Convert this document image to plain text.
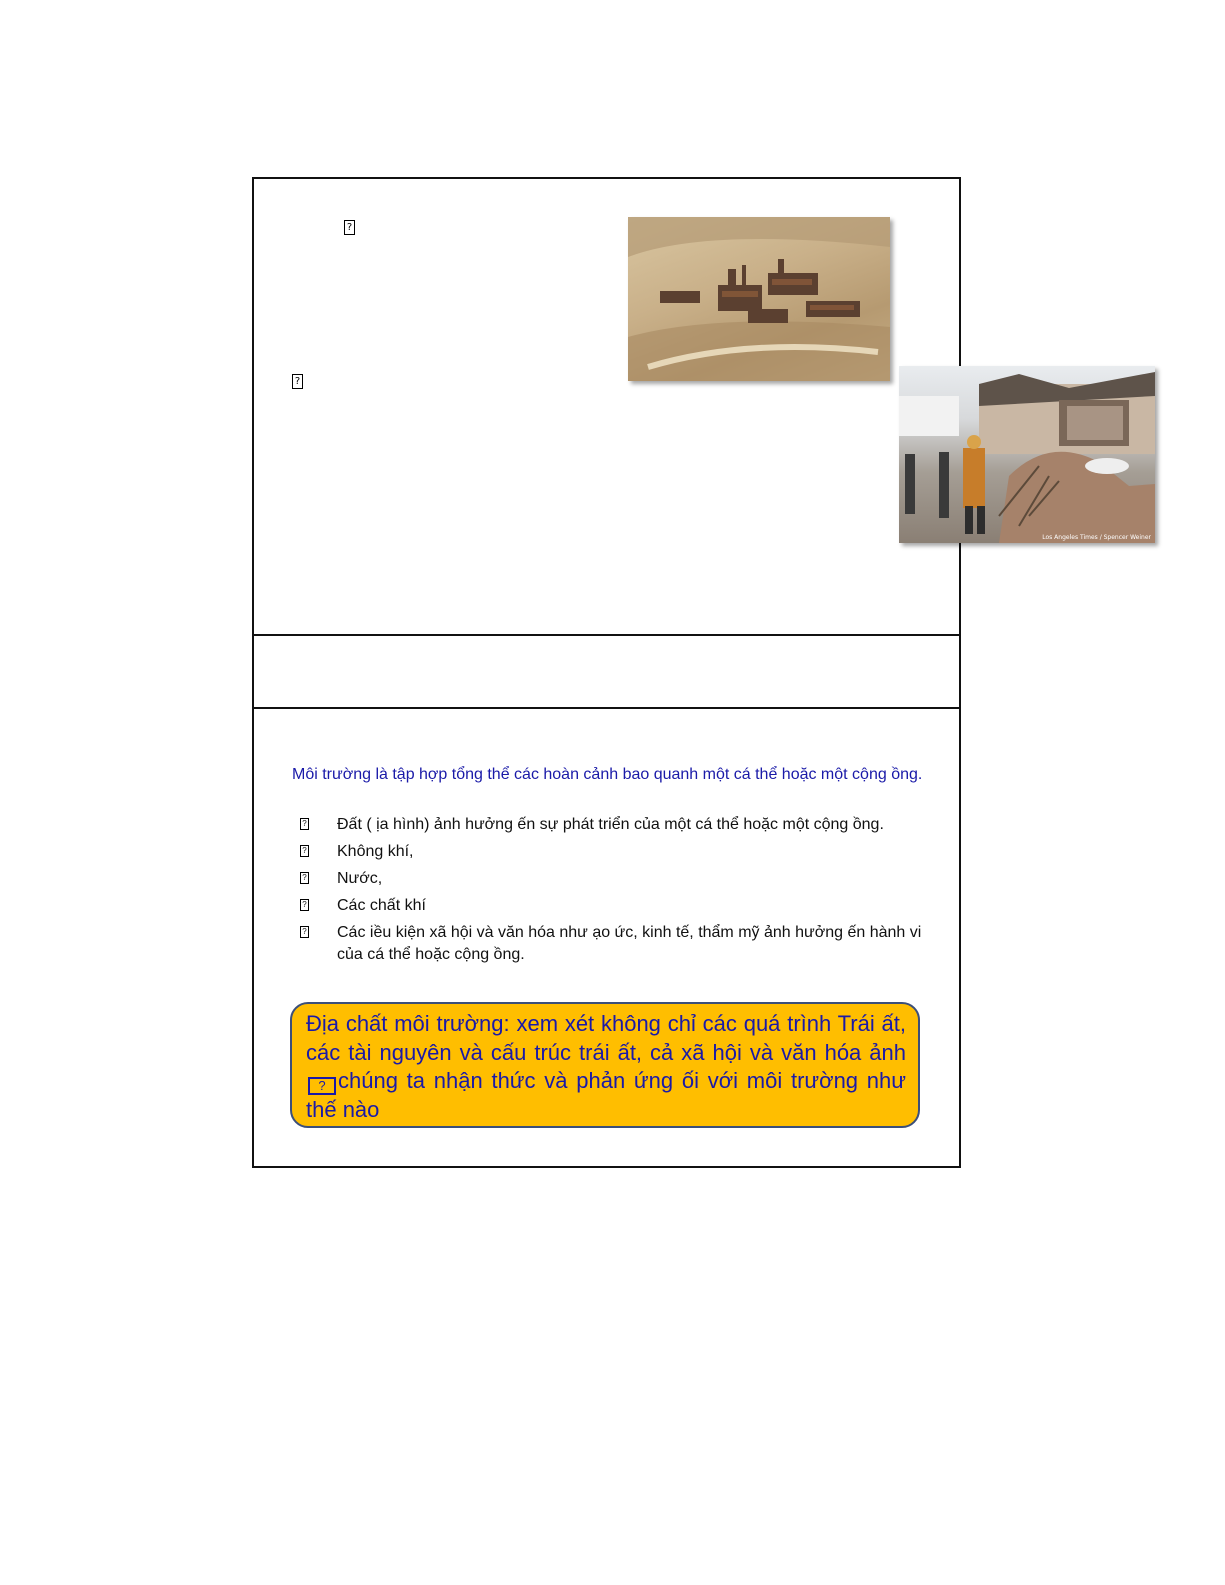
?
?
Los Angeles Times / Spencer Weiner
Môi trường là tập hợp tổng thể các hoàn cảnh bao quanh một cá thể hoặc một cộng ồng.
? Đất ( ịa hình) ảnh hưởng ến sự phát triển của một cá thể hoặc một cộng ồng.
? Không khí,
? Nước,
? Các chất khí
? Các iều kiện xã hội và văn hóa như ạo ức, kinh tế, thẩm mỹ ảnh hưởng ến hành vi của cá thể hoặc cộng ồng.
Địa chất môi trường: xem xét không chỉ các quá trình Trái ất, các tài nguyên và cấu trúc trái ất, cả xã hội và văn hóa ảnh? chúng ta nhận thức và phản ứng ối với môi trường như thế nào
